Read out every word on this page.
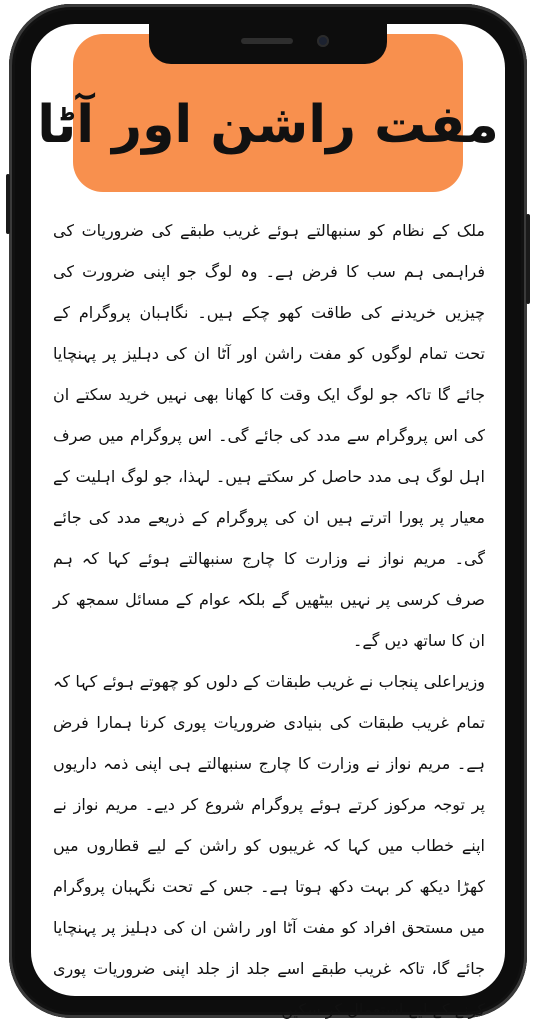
مفت راشن اور آٹا

ملک کے نظام کو سنبھالتے ہوئے غریب طبقے کی ضروریات کی فراہمی ہم سب کا فرض ہے۔ وہ لوگ جو اپنی ضرورت کی چیزیں خریدنے کی طاقت کھو چکے ہیں۔ نگاہبان پروگرام کے تحت تمام لوگوں کو مفت راشن اور آٹا ان کی دہلیز پر پہنچایا جائے گا تاکہ جو لوگ ایک وقت کا کھانا بھی نہیں خرید سکتے ان کی اس پروگرام سے مدد کی جائے گی۔ اس پروگرام میں صرف اہل لوگ ہی مدد حاصل کر سکتے ہیں۔ لہذا، جو لوگ اہلیت کے معیار پر پورا اترتے ہیں ان کی پروگرام کے ذریعے مدد کی جائے گی۔ مریم نواز نے وزارت کا چارج سنبھالتے ہوئے کہا کہ ہم صرف کرسی پر نہیں بیٹھیں گے بلکہ عوام کے مسائل سمجھ کر ان کا ساتھ دیں گے۔

وزیراعلی پنجاب نے غریب طبقات کے دلوں کو چھوتے ہوئے کہا کہ تمام غریب طبقات کی بنیادی ضروریات پوری کرنا ہمارا فرض ہے۔ مریم نواز نے وزارت کا چارج سنبھالتے ہی اپنی ذمہ داریوں پر توجہ مرکوز کرتے ہوئے پروگرام شروع کر دیے۔ مریم نواز نے اپنے خطاب میں کہا کہ غریبوں کو راشن کے لیے قطاروں میں کھڑا دیکھ کر بہت دکھ ہوتا ہے۔ جس کے تحت نگہبان پروگرام میں مستحق افراد کو مفت آٹا اور راشن ان کی دہلیز پر پہنچایا جائے گا، تاکہ غریب طبقے اسے جلد از جلد اپنی ضروریات پوری کرنے کے لیے استعمال کر سکیں۔
